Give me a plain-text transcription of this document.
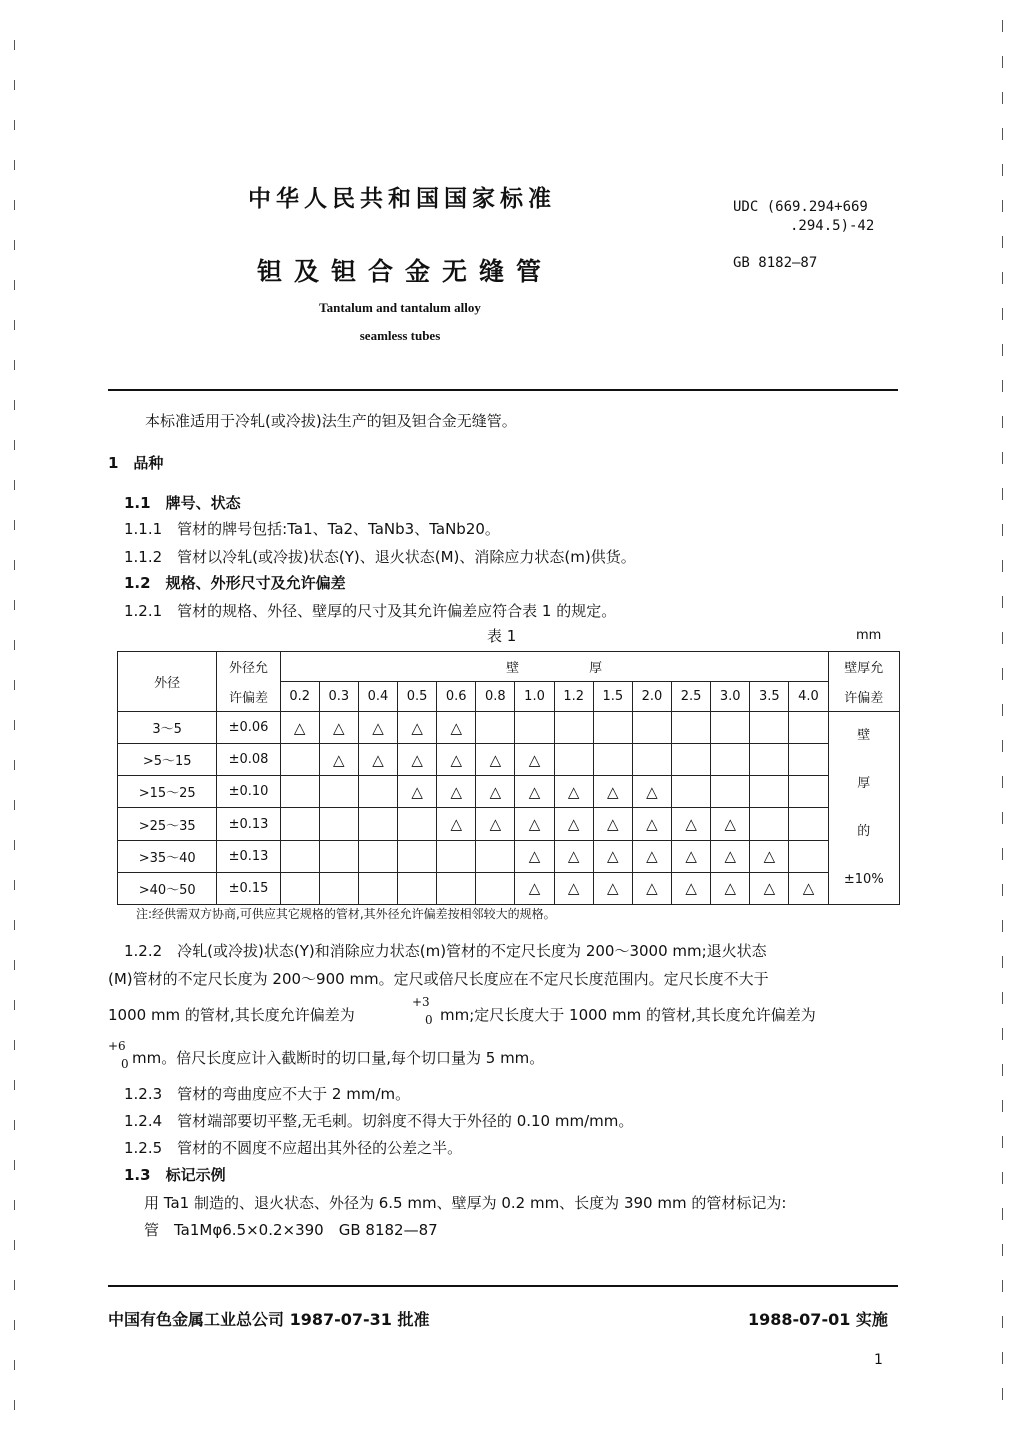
中华人民共和国国家标准
钽及钽合金无缝管
Tantalum and tantalum alloy
seamless tubes
UDC (669.294+669
.294.5)-42
GB 8182—87
本标准适用于冷轧(或冷拔)法生产的钽及钽合金无缝管。
1　品种
1.1　牌号、状态
1.1.1　管材的牌号包括:Ta1、Ta2、TaNb3、TaNb20。
1.1.2　管材以冷轧(或冷拔)状态(Y)、退火状态(M)、消除应力状态(m)供货。
1.2　规格、外形尺寸及允许偏差
1.2.1　管材的规格、外径、壁厚的尺寸及其允许偏差应符合表 1 的规定。
表 1	mm
外径	外径允	壁 厚														壁厚允
	许偏差	0.2	0.3	0.4	0.5	0.6	0.8	1.0	1.2	1.5	2.0	2.5	3.0	3.5	4.0	许偏差
3～5	±0.06	△	△	△	△	△										壁
厚
的
±10%

>5～15	±0.08		△	△	△	△	△	△								
>15～25	±0.10				△	△	△	△	△	△	△					
>25～35	±0.13					△	△	△	△	△	△	△	△			
>35～40	±0.13							△	△	△	△	△	△	△		
>40～50	±0.15							△	△	△	△	△	△	△	△	
注:经供需双方协商,可供应其它规格的管材,其外径允许偏差按相邻较大的规格。
1.2.2　冷轧(或冷拔)状态(Y)和消除应力状态(m)管材的不定尺长度为 200～3000 mm;退火状态
(M)管材的不定尺长度为 200～900 mm。定尺或倍尺长度应在不定尺长度范围内。定尺长度不大于
1000 mm 的管材,其长度允许偏差为
+3
0 mm;定尺长度大于 1000 mm 的管材,其长度允许偏差为
+6
0 mm。倍尺长度应计入截断时的切口量,每个切口量为 5 mm。
1.2.3　管材的弯曲度应不大于 2 mm/m。
1.2.4　管材端部要切平整,无毛刺。切斜度不得大于外径的 0.10 mm/mm。
1.2.5　管材的不圆度不应超出其外径的公差之半。
1.3　标记示例
用 Ta1 制造的、退火状态、外径为 6.5 mm、壁厚为 0.2 mm、长度为 390 mm 的管材标记为:
管　Ta1Mφ6.5×0.2×390　GB 8182—87
中国有色金属工业总公司 1987-07-31 批准	1988-07-01 实施
1
